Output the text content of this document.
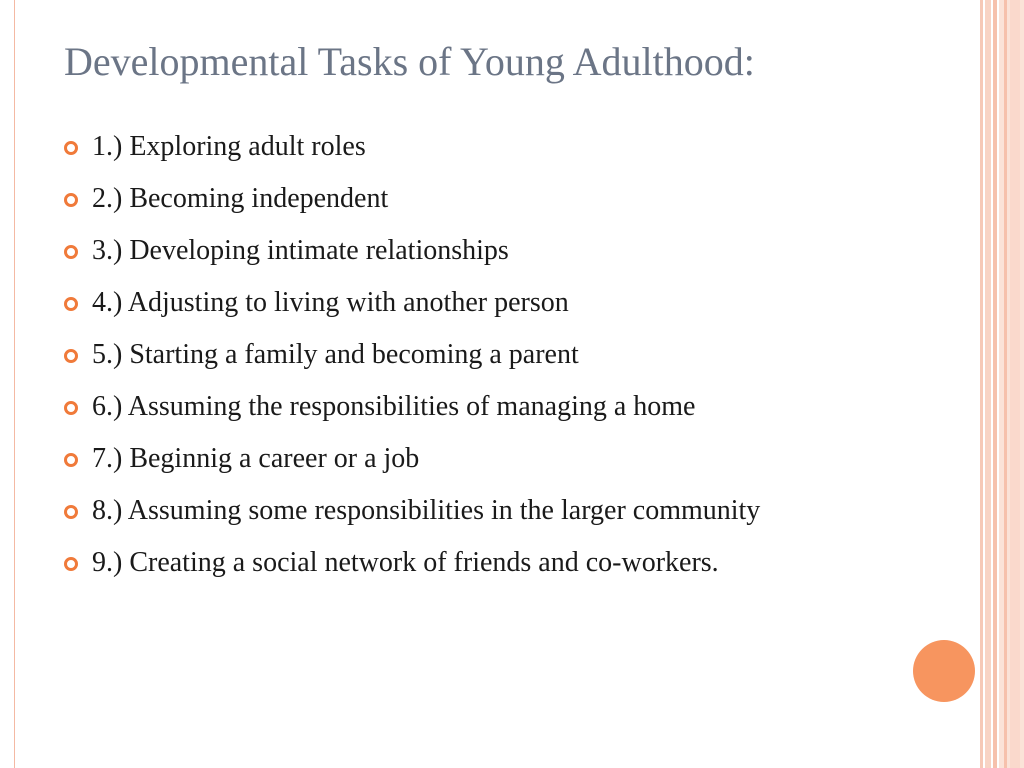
Developmental Tasks of Young Adulthood:
1.) Exploring adult roles
2.) Becoming independent
3.) Developing intimate relationships
4.) Adjusting to living with another person
5.) Starting a family and becoming a parent
6.) Assuming the responsibilities of managing a home
7.) Beginnig a career or a job
8.) Assuming some responsibilities in the larger community
9.) Creating a social network of friends and co-workers.
